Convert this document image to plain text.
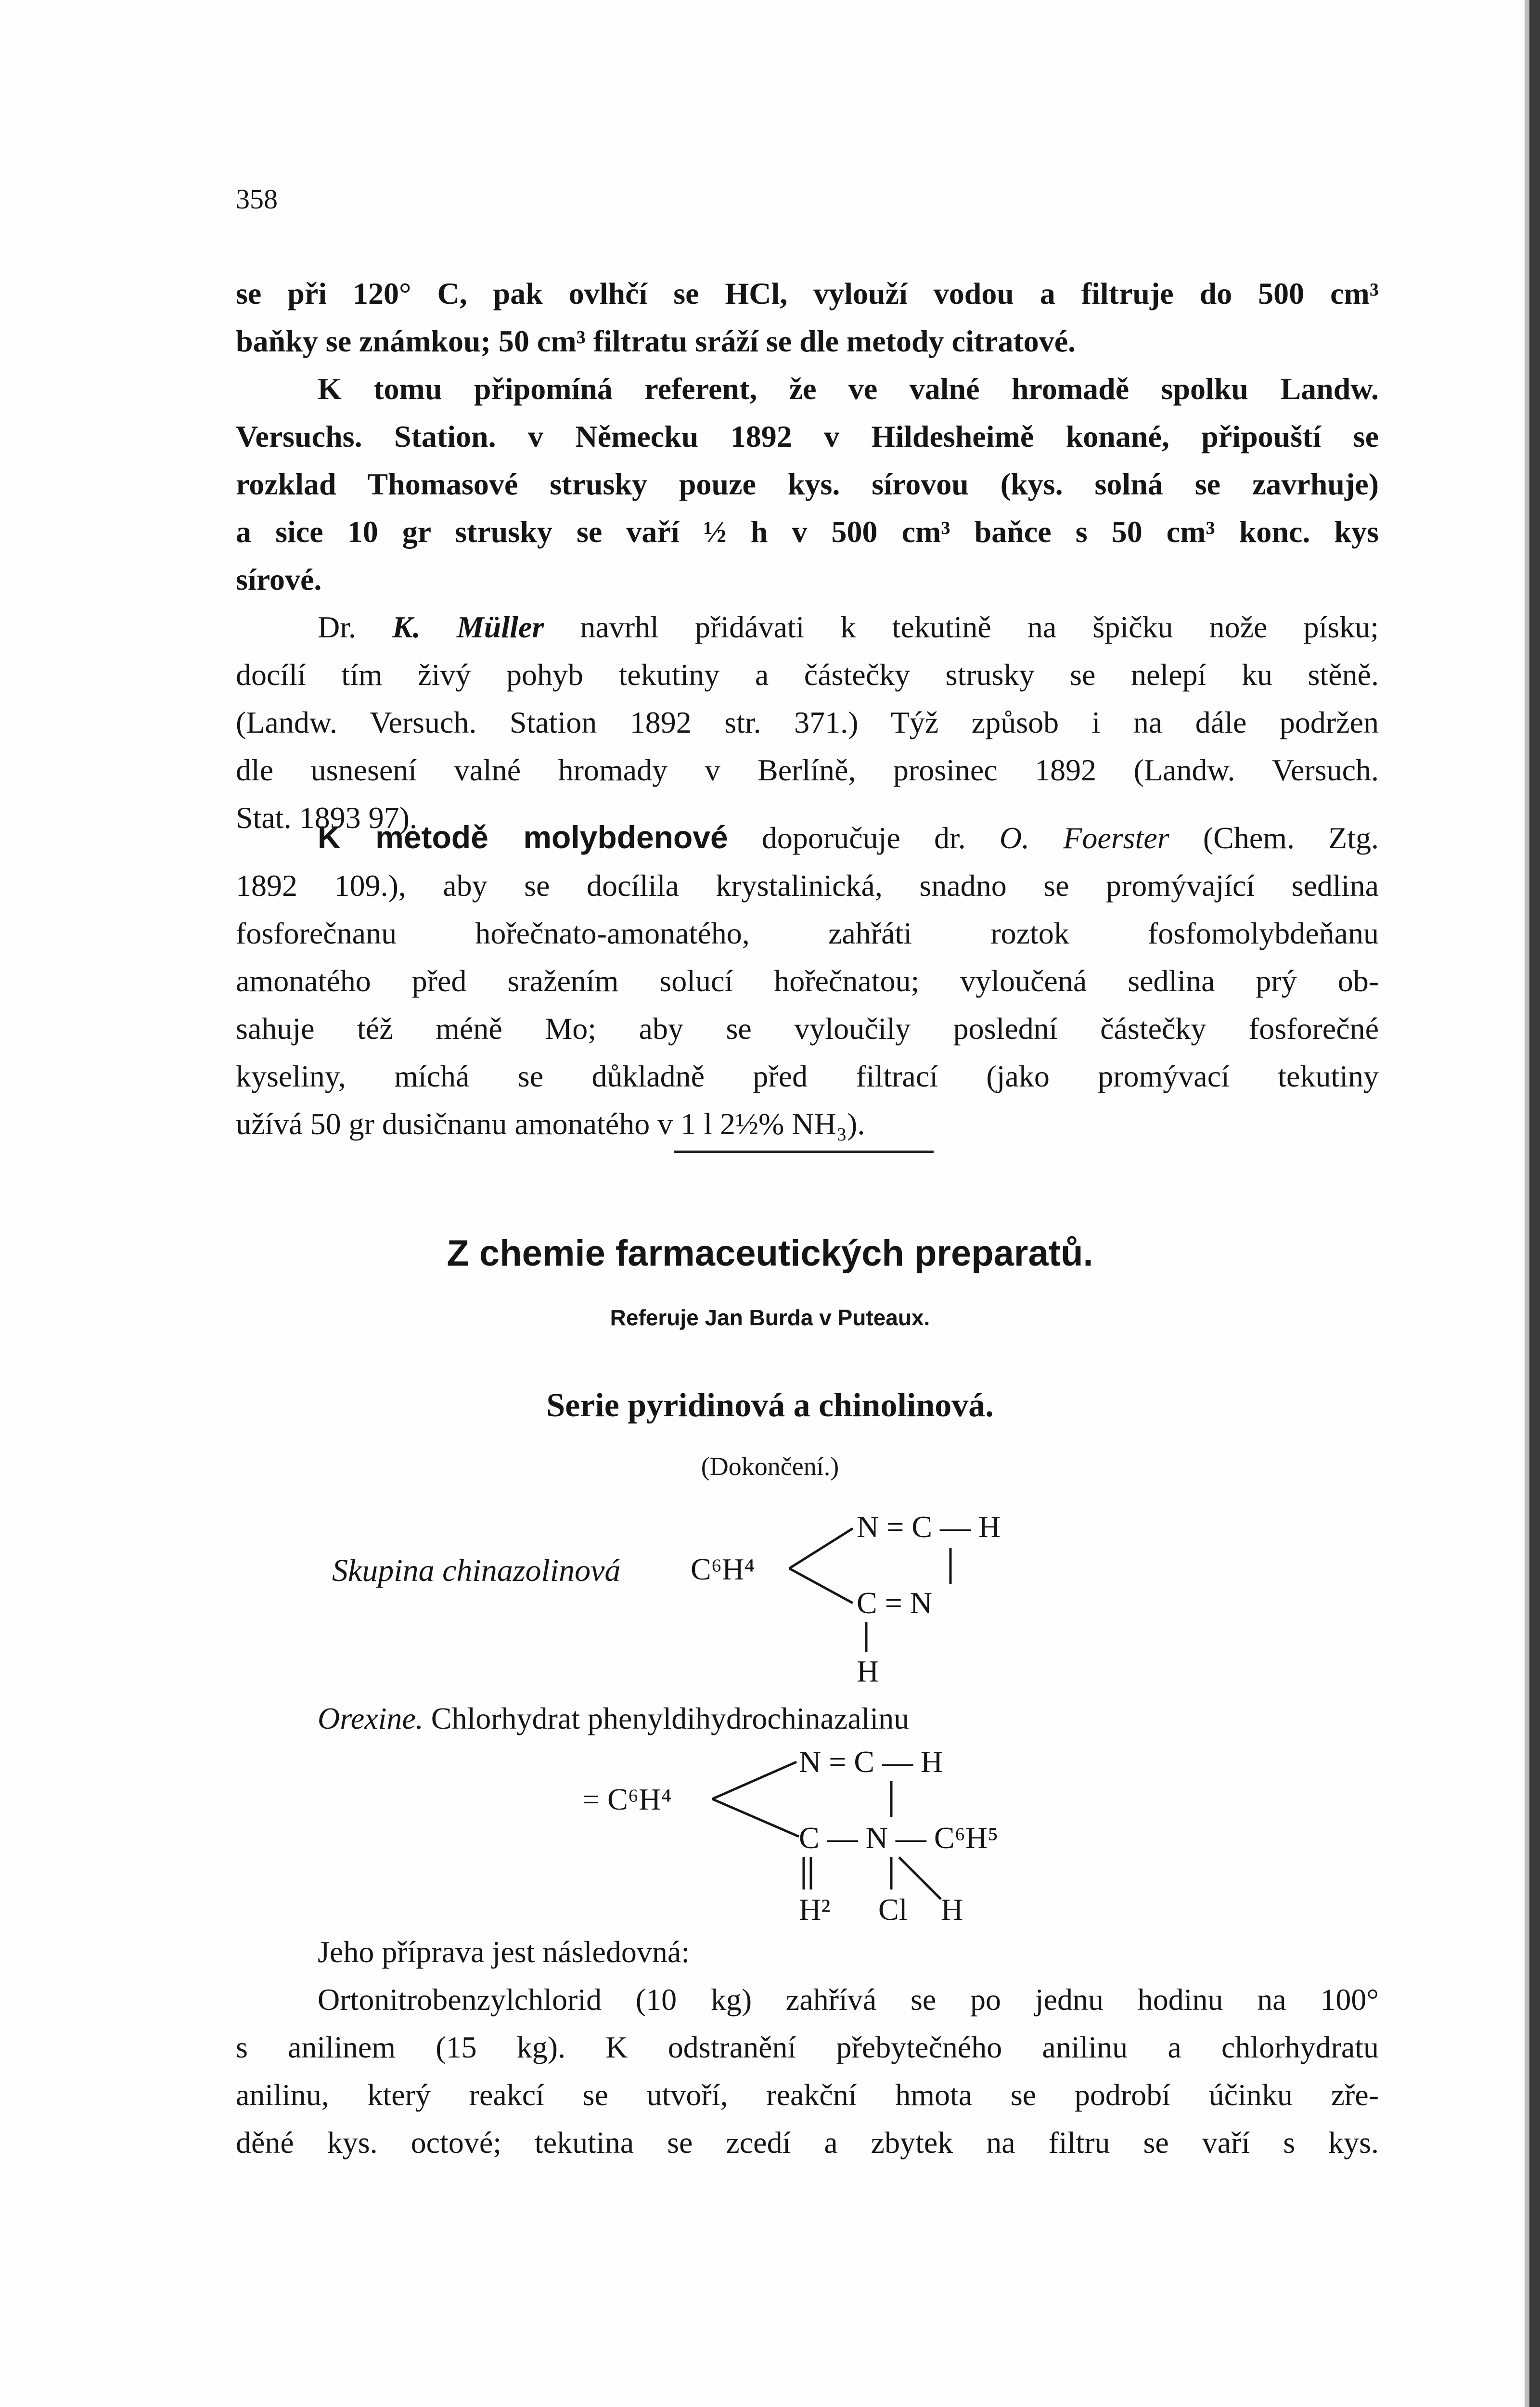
358

se při 120° C, pak ovlhčí se HCl, vylouží vodou a filtruje do 500 cm³

baňky se známkou; 50 cm³ filtratu sráží se dle metody citratové.

K tomu připomíná referent, že ve valné hromadě spolku Landw.

Versuchs. Station. v Německu 1892 v Hildesheimě konané, připouští se

rozklad Thomasové strusky pouze kys. sírovou (kys. solná se zavrhuje)

a sice 10 gr strusky se vaří ½ h v 500 cm³ baňce s 50 cm³ konc. kys

sírové.

Dr. K. Müller navrhl přidávati k tekutině na špičku nože písku;

docílí tím živý pohyb tekutiny a částečky strusky se nelepí ku stěně.

(Landw. Versuch. Station 1892 str. 371.) Týž způsob i na dále podržen

dle usnesení valné hromady v Berlíně, prosinec 1892 (Landw. Versuch.

Stat. 1893 97).

K metodě molybdenové doporučuje dr. O. Foerster (Chem. Ztg.

1892 109.), aby se docílila krystalinická, snadno se promývající sedlina

fosforečnanu hořečnato-amonatého, zahřáti roztok fosfomolybdeňanu

amonatého před sražením solucí hořečnatou; vyloučená sedlina prý ob-

sahuje též méně Mo; aby se vyloučily poslední částečky fosforečné

kyseliny, míchá se důkladně před filtrací (jako promývací tekutiny

užívá 50 gr dusičnanu amonatého v 1 l 2½% NH₃).

Z chemie farmaceutických preparatů.
Referuje Jan Burda v Puteaux.
Serie pyridinová a chinolinová.
(Dokončení.)
Skupina chinazolinová C⁶H⁴
N = C — H
C = N
H

Orexine. Chlorhydrat phenyldihydrochinazalinu

= C⁶H⁴
N = C — H
C — N — C⁶H⁵
H² Cl H

Jeho příprava jest následovná:

Ortonitrobenzylchlorid (10 kg) zahřívá se po jednu hodinu na 100°

s anilinem (15 kg). K odstranění přebytečného anilinu a chlorhydratu

anilinu, který reakcí se utvoří, reakční hmota se podrobí účinku zře-

děné kys. octové; tekutina se zcedí a zbytek na filtru se vaří s kys.
